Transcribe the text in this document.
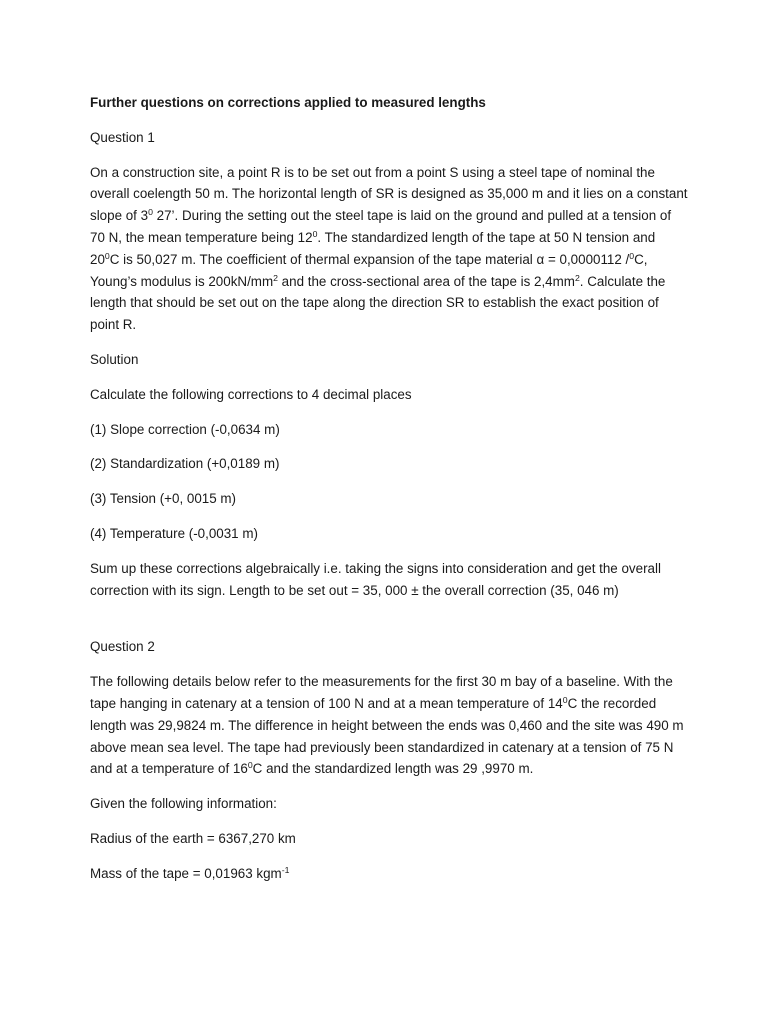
Further questions on corrections applied to measured lengths

Question 1

On a construction site, a point R is to be set out from a point S using a steel tape of nominal the overall coelength 50 m. The horizontal length of SR is designed as 35,000 m and it lies on a constant slope of $3^0$ 27’. During the setting out the steel tape is laid on the ground and pulled at a tension of 70 N, the mean temperature being $12^0$. The standardized length of the tape at 50 N tension and $20^0C$ is 50,027 m. The coefficient of thermal expansion of the tape material α = 0,0000112 /$^0$C, Young’s modulus is $200kN/mm^2$ and the cross-sectional area of the tape is $2,4mm^2$. Calculate the length that should be set out on the tape along the direction SR to establish the exact position of point R.

Solution

Calculate the following corrections to 4 decimal places

(1) Slope correction (-0,0634 m)

(2) Standardization (+0,0189 m)

(3) Tension (+0, 0015 m)

(4) Temperature (-0,0031 m)

Sum up these corrections algebraically i.e. taking the signs into consideration and get the overall correction with its sign. Length to be set out = 35, 000 ± the overall correction (35, 046 m)

Question 2

The following details below refer to the measurements for the first 30 m bay of a baseline. With the tape hanging in catenary at a tension of 100 N and at a mean temperature of $14^0C$ the recorded length was 29,9824 m. The difference in height between the ends was 0,460 and the site was 490 m above mean sea level. The tape had previously been standardized in catenary at a tension of 75 N and at a temperature of $16^0C$ and the standardized length was 29 ,9970 m.

Given the following information:

Radius of the earth = 6367,270 km

Mass of the tape = 0,01963 kgm$^{-1}$
